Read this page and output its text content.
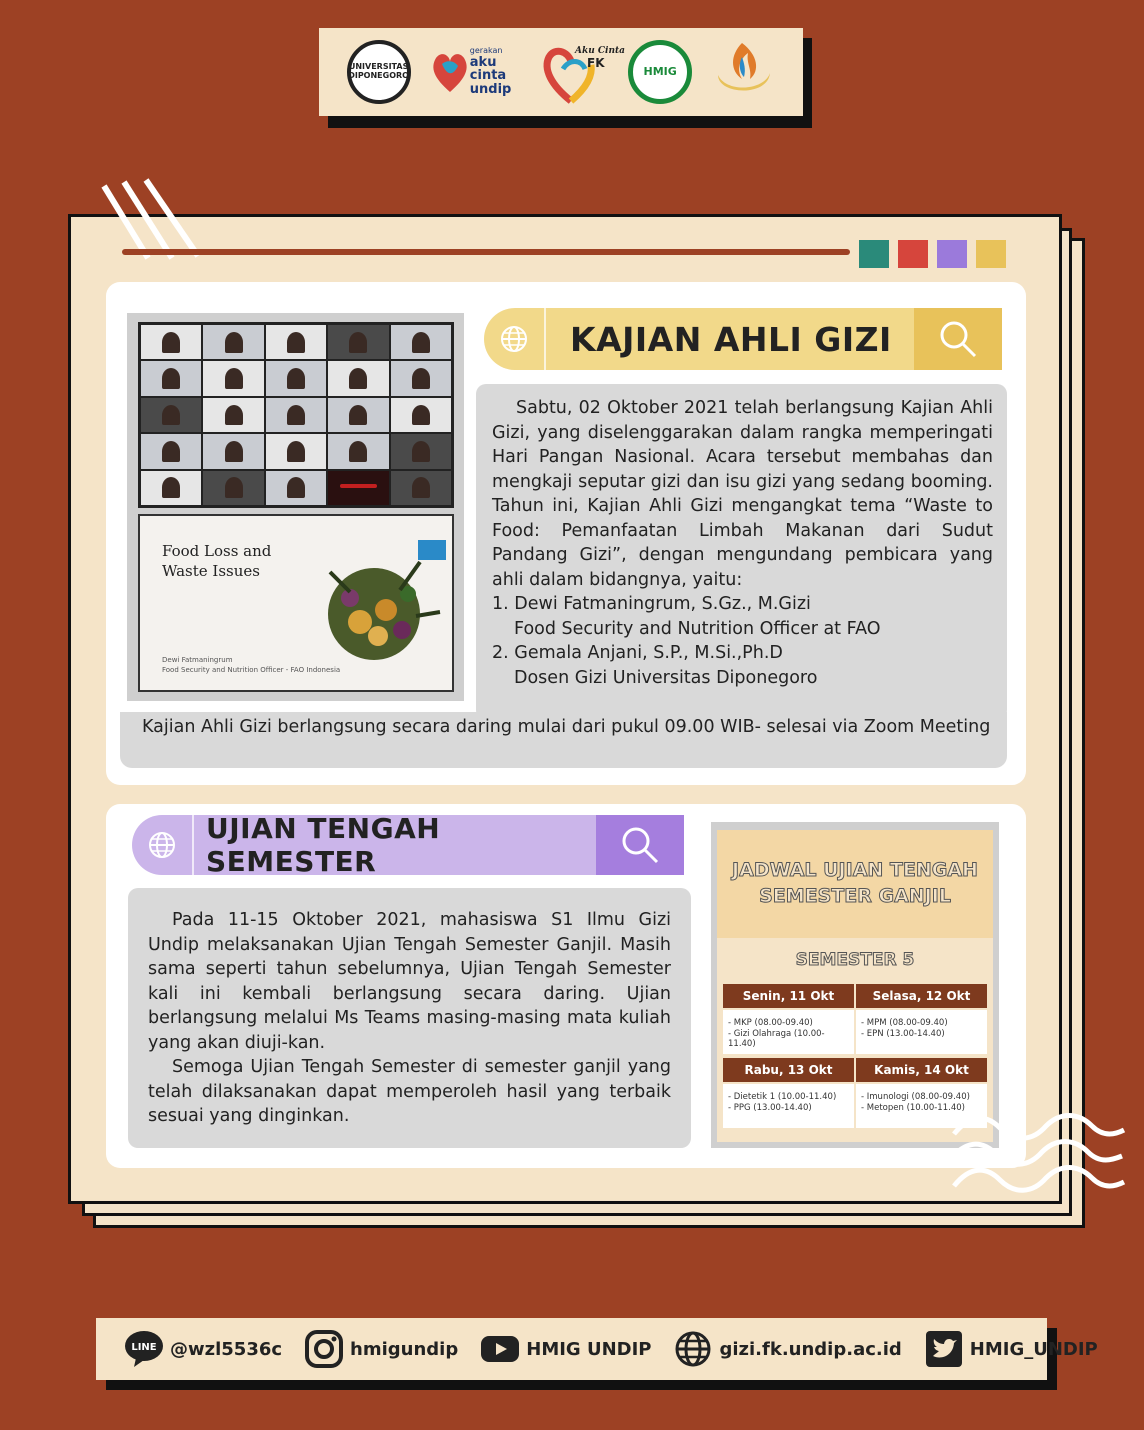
UNIVERSITAS DIPONEGORO
gerakan
aku cinta undip
Aku Cinta
FK
HMIG
Food Loss and Waste Issues
Dewi Fatmaningrum
Food Security and Nutrition Officer - FAO Indonesia
KAJIAN AHLI GIZI

Sabtu, 02 Oktober 2021 telah berlangsung Kajian Ahli Gizi, yang diselenggarakan dalam rangka memperingati Hari Pangan Nasional. Acara tersebut membahas dan mengkaji seputar gizi dan isu gizi yang sedang booming. Tahun ini, Kajian Ahli Gizi mengangkat tema “Waste to Food: Pemanfaatan Limbah Makanan dari Sudut Pandang Gizi”, dengan mengundang pembicara yang ahli dalam bidangnya, yaitu:

1. Dewi Fatmaningrum, S.Gz., M.Gizi
Food Security and Nutrition Officer at FAO
2. Gemala Anjani, S.P., M.Si.,Ph.D
Dosen Gizi Universitas Diponegoro

Kajian Ahli Gizi berlangsung secara daring mulai dari pukul 09.00 WIB- selesai via Zoom Meeting

UJIAN TENGAH SEMESTER

Pada 11-15 Oktober 2021, mahasiswa S1 Ilmu Gizi Undip melaksanakan Ujian Tengah Semester Ganjil. Masih sama seperti tahun sebelumnya, Ujian Tengah Semester kali ini kembali berlangsung secara daring. Ujian berlangsung melalui Ms Teams masing-masing mata kuliah yang akan diuji-kan.

Semoga Ujian Tengah Semester di semester ganjil yang telah dilaksanakan dapat memperoleh hasil yang terbaik sesuai yang dinginkan.

JADWAL UJIAN TENGAH SEMESTER GANJIL
SEMESTER 5
Senin, 11 Okt
- MKP (08.00-09.40)
- Gizi Olahraga (10.00-11.40)
Selasa, 12 Okt
- MPM (08.00-09.40)
- EPN (13.00-14.40)
Rabu, 13 Okt
- Dietetik 1 (10.00-11.40)
- PPG (13.00-14.40)
Kamis, 14 Okt
- Imunologi (08.00-09.40)
- Metopen (10.00-11.40)
LINE @wzl5536c	hmigundip	HMIG UNDIP	gizi.fk.undip.ac.id	HMIG_UNDIP
